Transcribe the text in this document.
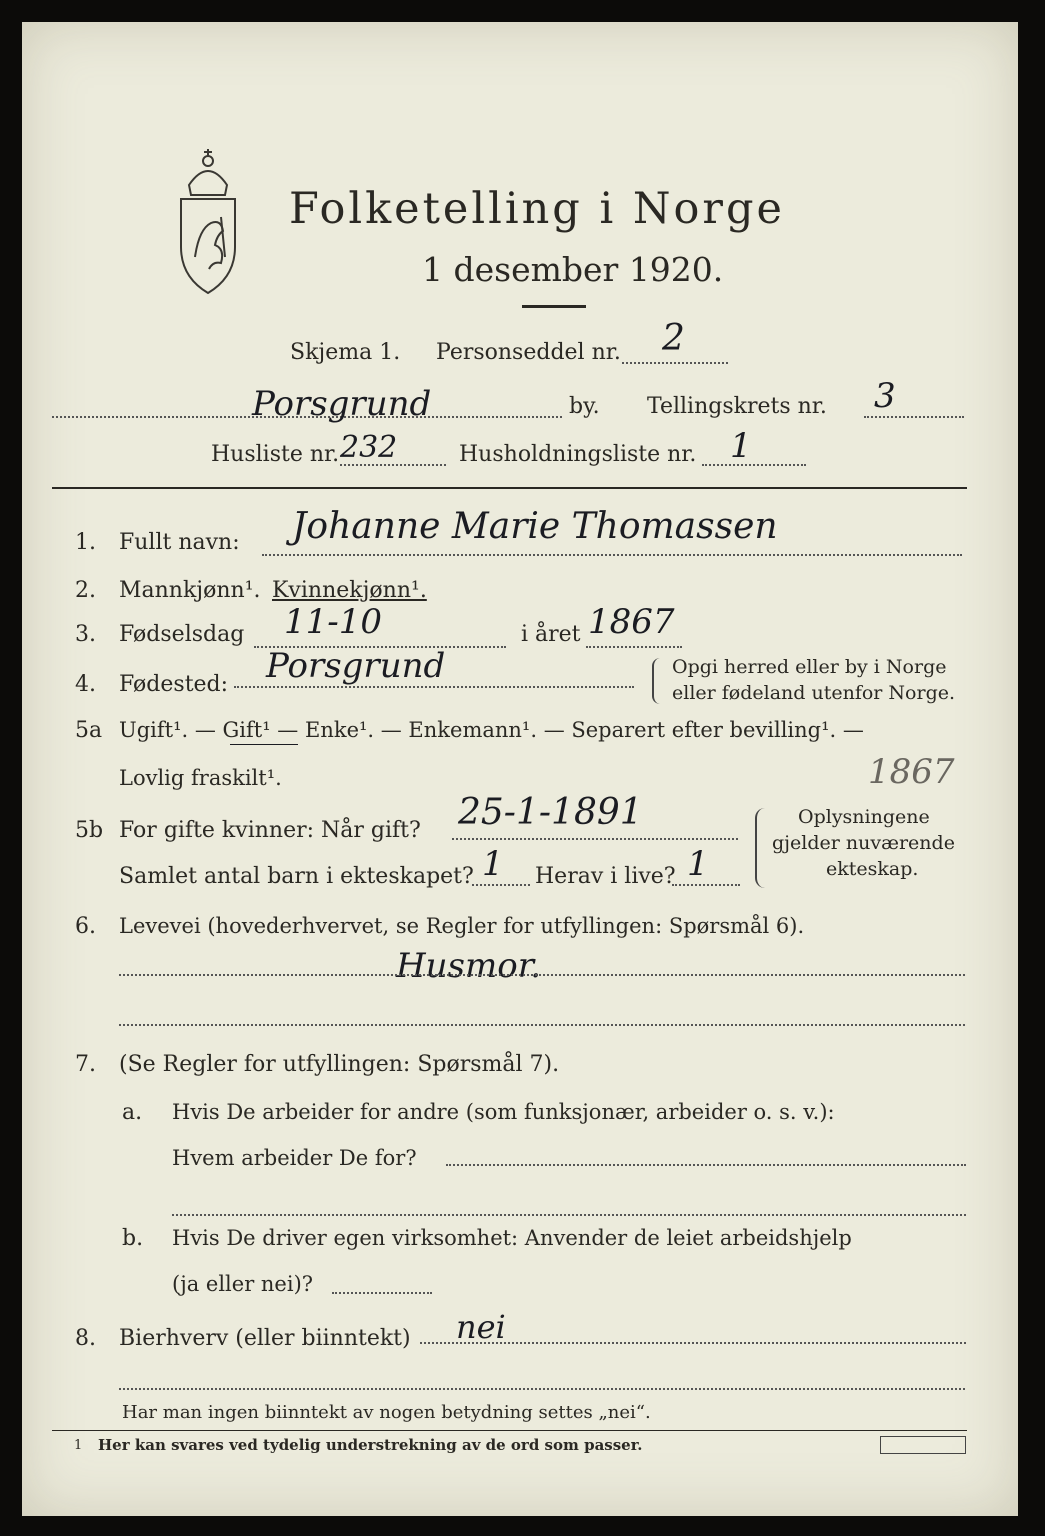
Folketelling i Norge
1 desember 1920.
Skjema 1. Personseddel nr. 2
Porsgrund	by. Tellingskrets nr. 3
Husliste nr. 232	Husholdningsliste nr. 1
1. Fullt navn: Johanne Marie Thomassen
2. Mannkjønn¹. Kvinnekjønn¹.
3. Fødselsdag 11-10	i året 1867
4. Fødested: Porsgrund	Opgi herred eller by i Norge
eller fødeland utenfor Norge.
5a Ugift¹. — Gift¹ — Enke¹. — Enkemann¹. — Separert efter bevilling¹. —
Lovlig fraskilt¹.	1867
5b For gifte kvinner: Når gift? 25-1-1891
Samlet antal barn i ekteskapet? 1 Herav i live? 1
Oplysningene
gjelder nuværende
ekteskap.
6. Levevei (hovederhvervet, se Regler for utfyllingen: Spørsmål 6).
Husmor.
7. (Se Regler for utfyllingen: Spørsmål 7).
a. Hvis De arbeider for andre (som funksjonær, arbeider o. s. v.):
Hvem arbeider De for?
b. Hvis De driver egen virksomhet: Anvender de leiet arbeidshjelp
(ja eller nei)?
8. Bierhverv (eller biinntekt) nei
Har man ingen biinntekt av nogen betydning settes „nei“.
1 Her kan svares ved tydelig understrekning av de ord som passer.
